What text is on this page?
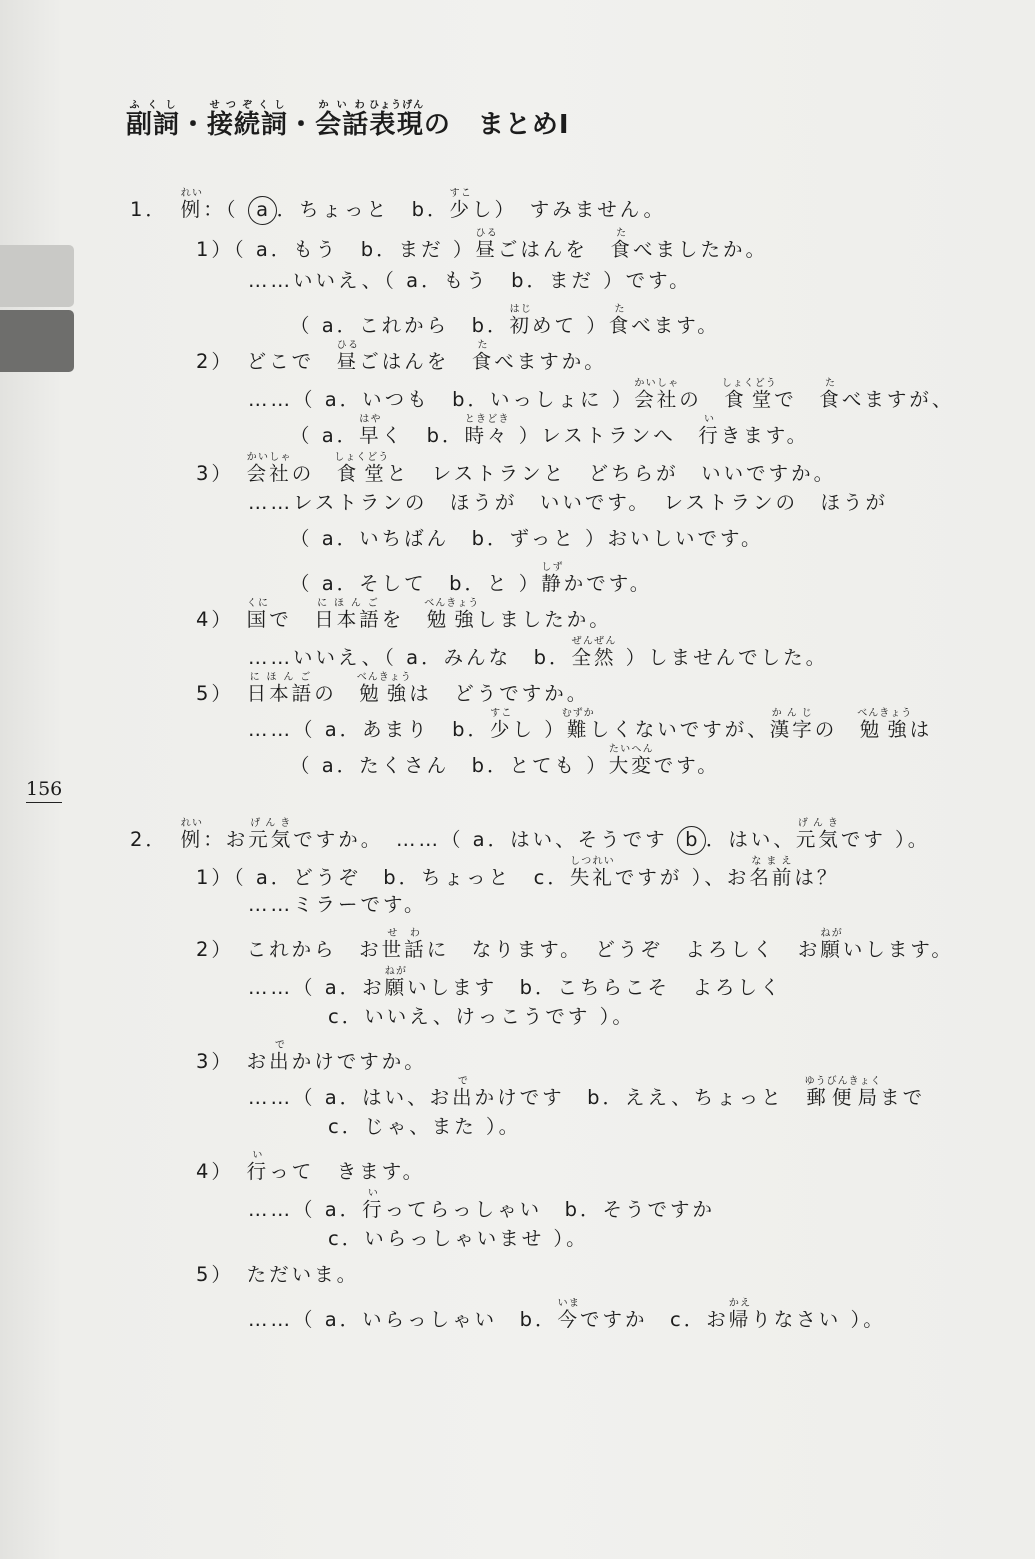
156
副詞ふくし・接続詞せつぞくし・会話かいわ表現ひょうげんの　まとめⅠ
1．　例れい：（ a ．ちょっと　b．少すこし）　すみません。
1）（ a．もう　b．まだ ）昼ひるごはんを　食たべましたか。
……いいえ、（ a．もう　b．まだ ）です。
（ a．これから　b．初はじめて ）食たべます。
2）　どこで　昼ひるごはんを　食たべますか。
……（ a．いつも　b．いっしょに ）会社かいしゃの　食堂しょくどうで　食たべますが、
（ a．早はやく　b．時々ときどき ）レストランへ　行いきます。
3）　会社かいしゃの　食堂しょくどうと　レストランと　どちらが　いいですか。
……レストランの　ほうが　いいです。　レストランの　ほうが
（ a．いちばん　b．ずっと ）おいしいです。
（ a．そして　b．と ）静しずかです。
4）　国くにで　日本語にほんごを　勉強べんきょうしましたか。
……いいえ、（ a．みんな　b．全然ぜんぜん ）しませんでした。
5）　日本語にほんごの　勉強べんきょうは　どうですか。
……（ a．あまり　b．少すこし ）難むずかしくないですが、漢字かんじの　勉強べんきょうは
（ a．たくさん　b．とても ）大変たいへんです。
2．　例れい：お元気げんきですか。　……（ a．はい、そうです b ．はい、元気げんきです ）。
1）（ a．どうぞ　b．ちょっと　c．失礼しつれいですが ）、お名前なまえは？
……ミラーです。
2）　これから　お世話せわに　なります。　どうぞ　よろしく　お願ねがいします。
……（ a．お願ねがいします　b．こちらこそ　よろしく
c．いいえ、けっこうです ）。
3）　お出でかけですか。
……（ a．はい、お出でかけです　b．ええ、ちょっと　郵便局ゆうびんきょくまで
c．じゃ、また ）。
4）　行いって　きます。
……（ a．行いってらっしゃい　b．そうですか
c．いらっしゃいませ ）。
5）　ただいま。
……（ a．いらっしゃい　b．今いまですか　c．お帰かえりなさい ）。
